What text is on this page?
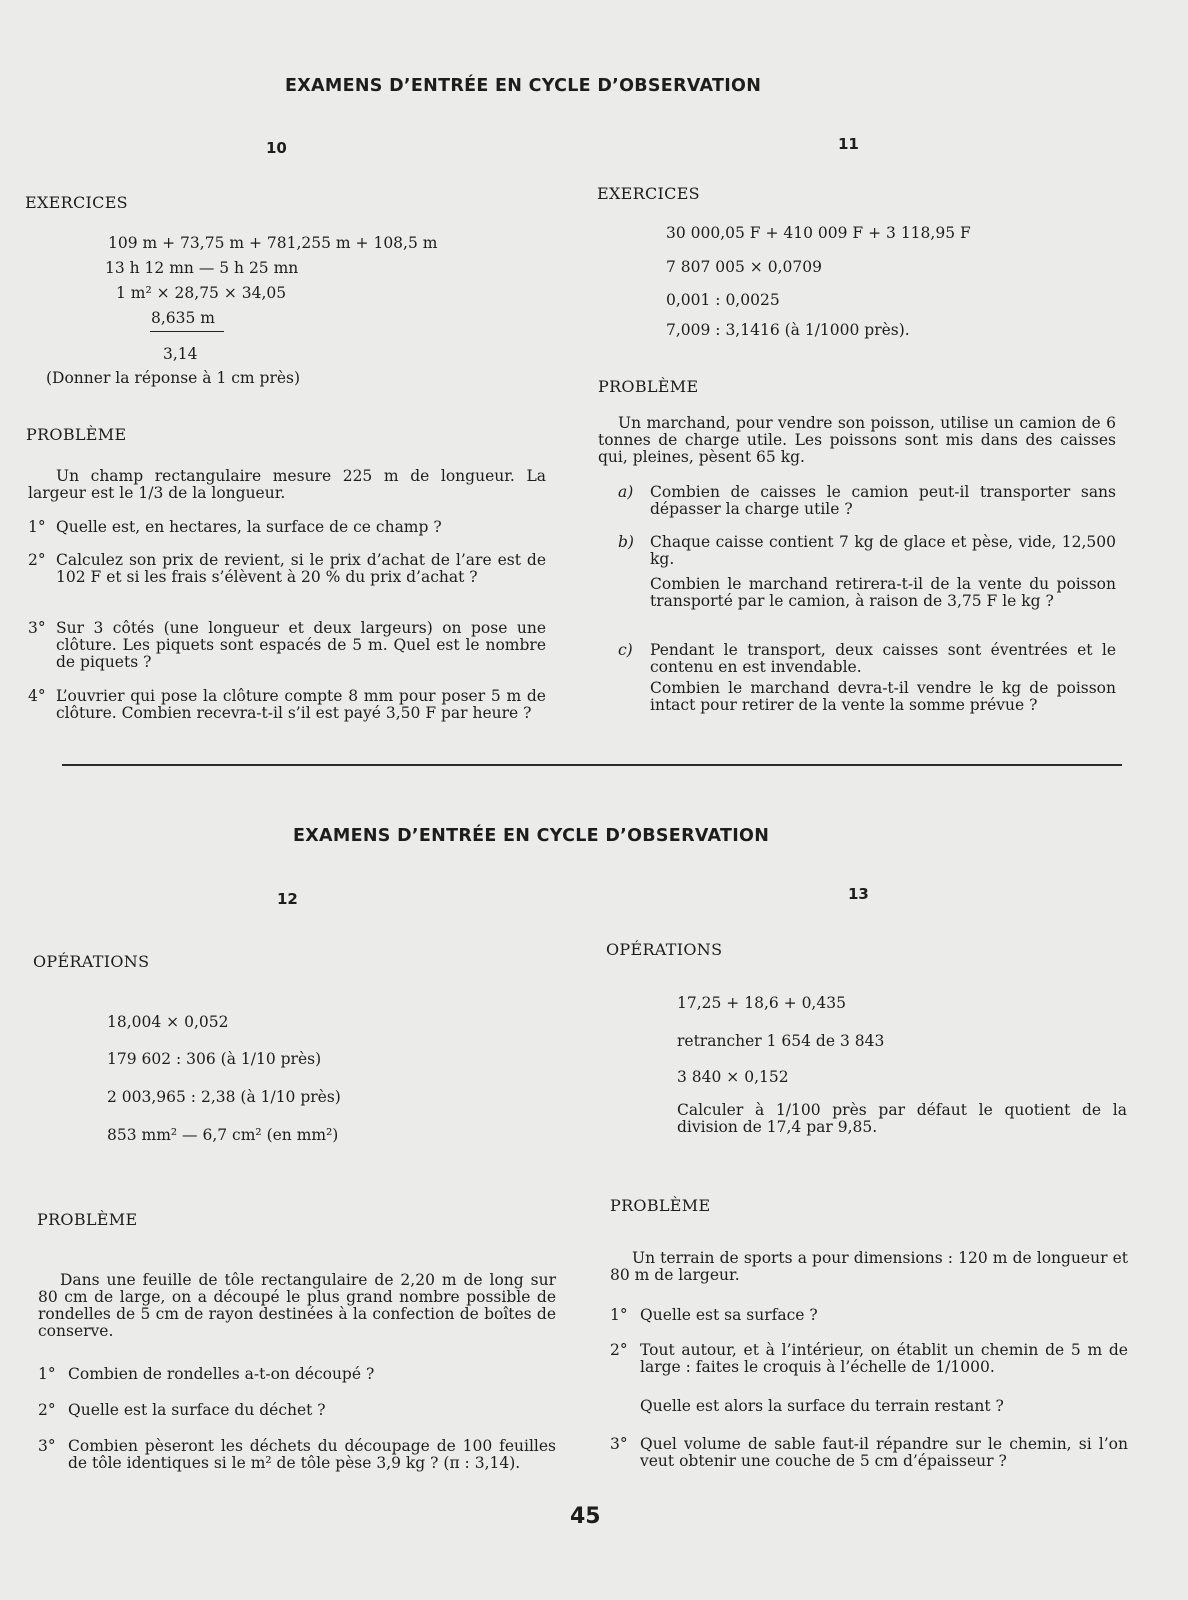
EXAMENS D’ENTRÉE EN CYCLE D’OBSERVATION
10
EXERCICES
109 m + 73,75 m + 781,255 m + 108,5 m
13 h 12 mn — 5 h 25 mn
1 m² × 28,75 × 34,05
8,635 m
3,14
(Donner la réponse à 1 cm près)
PROBLÈME
Un champ rectangulaire mesure 225 m de longueur. La largeur est le 1/3 de la longueur.
1° Quelle est, en hectares, la surface de ce champ ?
2° Calculez son prix de revient, si le prix d’achat de l’are est de 102 F et si les frais s’élèvent à 20 % du prix d’achat ?
3° Sur 3 côtés (une longueur et deux largeurs) on pose une clôture. Les piquets sont espacés de 5 m. Quel est le nombre de piquets ?
4° L’ouvrier qui pose la clôture compte 8 mm pour poser 5 m de clôture. Combien recevra-t-il s’il est payé 3,50 F par heure ?
11
EXERCICES
30 000,05 F + 410 009 F + 3 118,95 F
7 807 005 × 0,0709
0,001 : 0,0025
7,009 : 3,1416 (à 1/1000 près).
PROBLÈME
Un marchand, pour vendre son poisson, utilise un camion de 6 tonnes de charge utile. Les poissons sont mis dans des caisses qui, pleines, pèsent 65 kg.
a) Combien de caisses le camion peut-il transporter sans dépasser la charge utile ?
b) Chaque caisse contient 7 kg de glace et pèse, vide, 12,500 kg.
Combien le marchand retirera-t-il de la vente du poisson transporté par le camion, à raison de 3,75 F le kg ?
c) Pendant le transport, deux caisses sont éventrées et le contenu en est invendable.
Combien le marchand devra-t-il vendre le kg de poisson intact pour retirer de la vente la somme prévue ?
EXAMENS D’ENTRÉE EN CYCLE D’OBSERVATION
12
OPÉRATIONS
18,004 × 0,052
179 602 : 306 (à 1/10 près)
2 003,965 : 2,38 (à 1/10 près)
853 mm² — 6,7 cm² (en mm²)
PROBLÈME
Dans une feuille de tôle rectangulaire de 2,20 m de long sur 80 cm de large, on a découpé le plus grand nombre possible de rondelles de 5 cm de rayon destinées à la confection de boîtes de conserve.
1° Combien de rondelles a-t-on découpé ?
2° Quelle est la surface du déchet ?
3° Combien pèseront les déchets du découpage de 100 feuilles de tôle identiques si le m² de tôle pèse 3,9 kg ? (π : 3,14).
13
OPÉRATIONS
17,25 + 18,6 + 0,435
retrancher 1 654 de 3 843
3 840 × 0,152
Calculer à 1/100 près par défaut le quotient de la division de 17,4 par 9,85.
PROBLÈME
Un terrain de sports a pour dimensions : 120 m de longueur et 80 m de largeur.
1° Quelle est sa surface ?
2° Tout autour, et à l’intérieur, on établit un chemin de 5 m de large : faites le croquis à l’échelle de 1/1000.
Quelle est alors la surface du terrain restant ?
3° Quel volume de sable faut-il répandre sur le chemin, si l’on veut obtenir une couche de 5 cm d’épaisseur ?
45
